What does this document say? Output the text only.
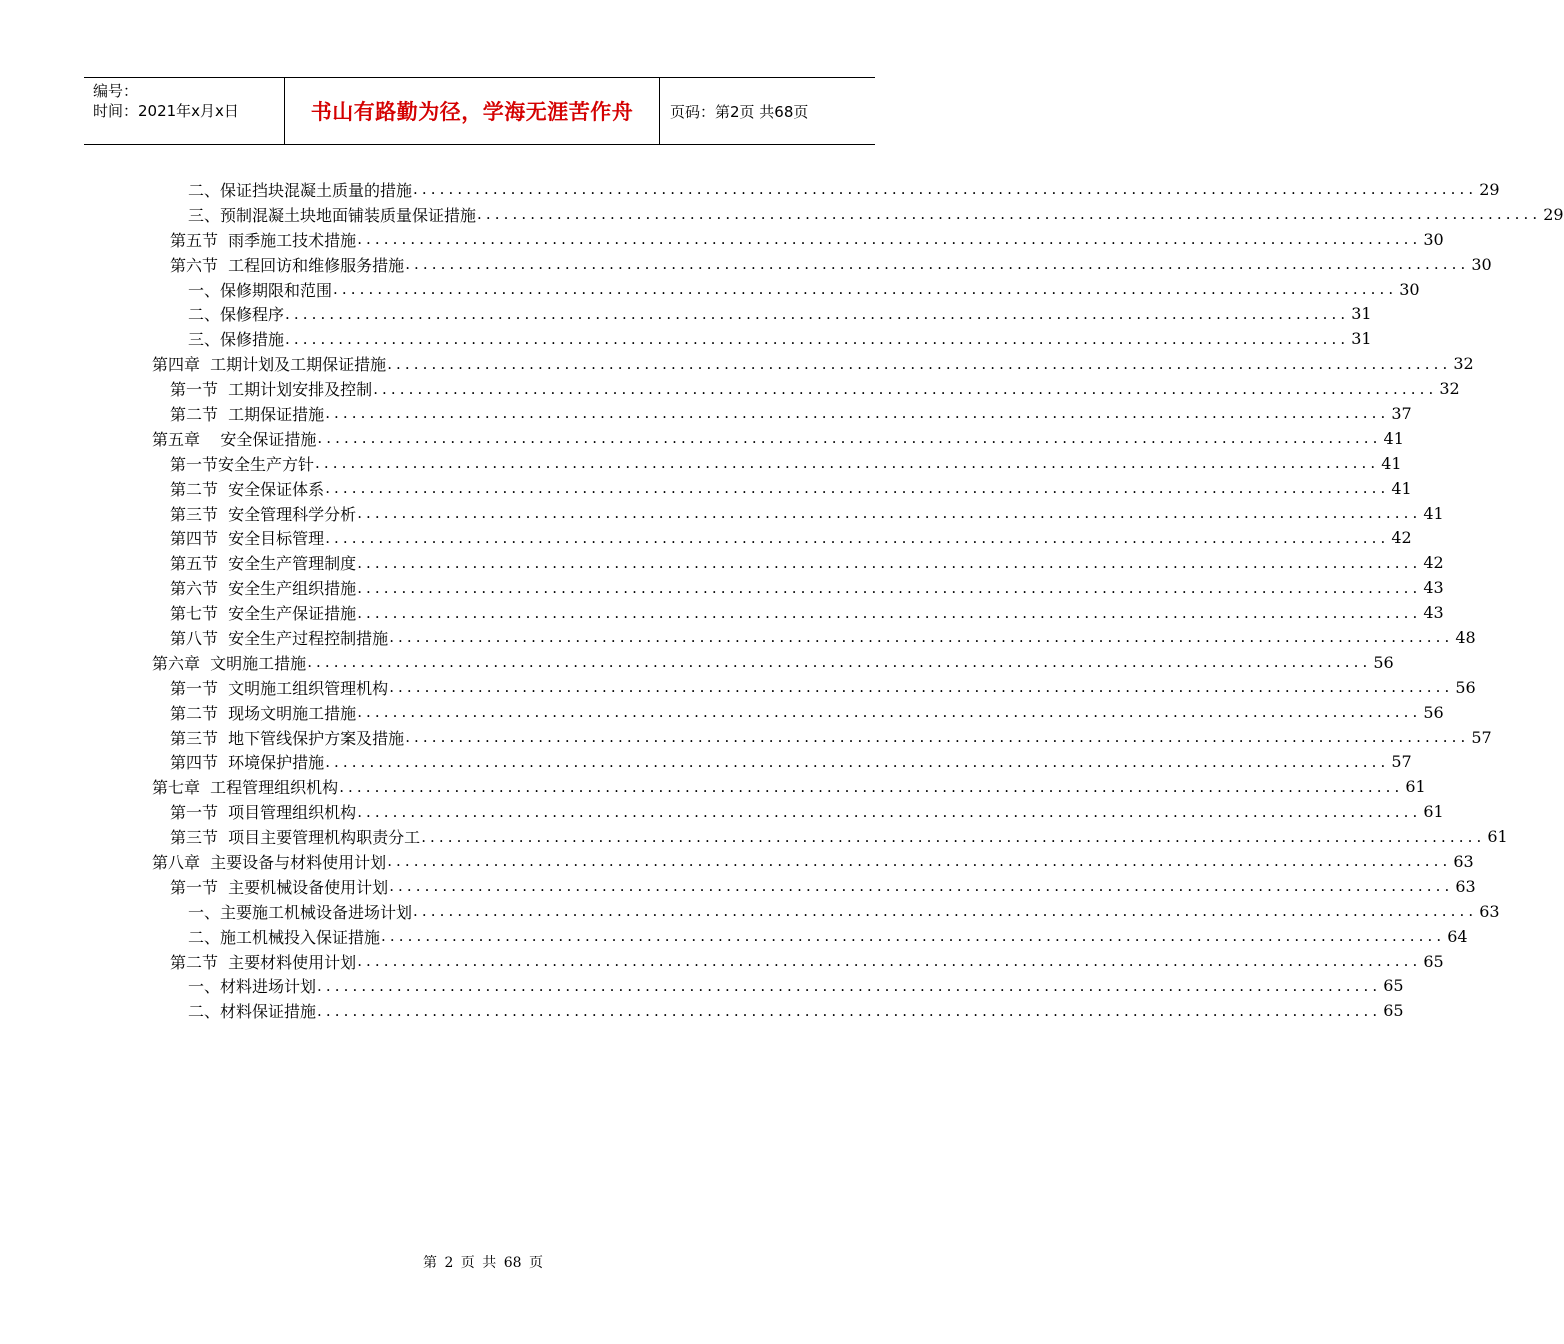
编号：
时间：2021年x月x日	书山有路勤为径，学海无涯苦作舟	页码：第2页 共68页
二、保证挡块混凝土质量的措施 ........................................................................................................................ 29
三、预制混凝土块地面铺装质量保证措施 ........................................................................................................................ 29
第五节  雨季施工技术措施 ........................................................................................................................ 30
第六节  工程回访和维修服务措施 ........................................................................................................................ 30
一、保修期限和范围 ........................................................................................................................ 30
二、保修程序 ........................................................................................................................ 31
三、保修措施 ........................................................................................................................ 31
第四章  工期计划及工期保证措施 ........................................................................................................................ 32
第一节  工期计划安排及控制 ........................................................................................................................ 32
第二节  工期保证措施 ........................................................................................................................ 37
第五章    安全保证措施 ........................................................................................................................ 41
第一节安全生产方针 ........................................................................................................................ 41
第二节  安全保证体系 ........................................................................................................................ 41
第三节  安全管理科学分析 ........................................................................................................................ 41
第四节  安全目标管理 ........................................................................................................................ 42
第五节  安全生产管理制度 ........................................................................................................................ 42
第六节  安全生产组织措施 ........................................................................................................................ 43
第七节  安全生产保证措施 ........................................................................................................................ 43
第八节  安全生产过程控制措施 ........................................................................................................................ 48
第六章  文明施工措施 ........................................................................................................................ 56
第一节  文明施工组织管理机构 ........................................................................................................................ 56
第二节  现场文明施工措施 ........................................................................................................................ 56
第三节  地下管线保护方案及措施 ........................................................................................................................ 57
第四节  环境保护措施 ........................................................................................................................ 57
第七章  工程管理组织机构 ........................................................................................................................ 61
第一节  项目管理组织机构 ........................................................................................................................ 61
第三节  项目主要管理机构职责分工 ........................................................................................................................ 61
第八章  主要设备与材料使用计划 ........................................................................................................................ 63
第一节  主要机械设备使用计划 ........................................................................................................................ 63
一、主要施工机械设备进场计划 ........................................................................................................................ 63
二、施工机械投入保证措施 ........................................................................................................................ 64
第二节  主要材料使用计划 ........................................................................................................................ 65
一、材料进场计划 ........................................................................................................................ 65
二、材料保证措施 ........................................................................................................................ 65
第 2 页 共 68 页
